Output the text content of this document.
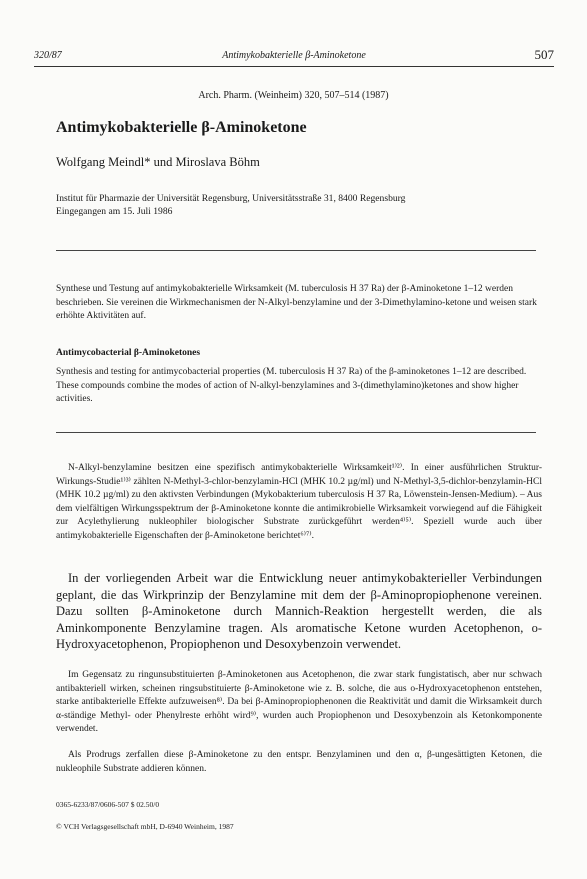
320/87	Antimykobakterielle β-Aminoketone	507
Arch. Pharm. (Weinheim) 320, 507–514 (1987)
Antimykobakterielle β-Aminoketone
Wolfgang Meindl* und Miroslava Böhm
Institut für Pharmazie der Universität Regensburg, Universitätsstraße 31, 8400 Regensburg
Eingegangen am 15. Juli 1986
Synthese und Testung auf antimykobakterielle Wirksamkeit (M. tuberculosis H 37 Ra) der β-Aminoketone 1–12 werden beschrieben. Sie vereinen die Wirkmechanismen der N-Alkyl-benzylamine und der 3-Dimethylamino-ketone und weisen stark erhöhte Aktivitäten auf.
Antimycobacterial β-Aminoketones
Synthesis and testing for antimycobacterial properties (M. tuberculosis H 37 Ra) of the β-aminoketones 1–12 are described. These compounds combine the modes of action of N-alkyl-benzylamines and 3-(dimethylamino)ketones and show higher activities.
N-Alkyl-benzylamine besitzen eine spezifisch antimykobakterielle Wirksamkeit¹⁾²⁾. In einer ausführlichen Struktur-Wirkungs-Studie¹⁾³⁾ zählten N-Methyl-3-chlor-benzylamin-HCl (MHK 10.2 µg/ml) und N-Methyl-3,5-dichlor-benzylamin-HCl (MHK 10.2 µg/ml) zu den aktivsten Verbindungen (Mykobakterium tuberculosis H 37 Ra, Löwenstein-Jensen-Medium). – Aus dem vielfältigen Wirkungsspektrum der β-Aminoketone konnte die antimikrobielle Wirksamkeit vorwiegend auf die Fähigkeit zur Acylethylierung nukleophiler biologischer Substrate zurückgeführt werden⁴⁾⁵⁾. Speziell wurde auch über antimykobakterielle Eigenschaften der β-Aminoketone berichtet⁶⁾⁷⁾.
In der vorliegenden Arbeit war die Entwicklung neuer antimykobakterieller Verbindungen geplant, die das Wirkprinzip der Benzylamine mit dem der β-Aminopropiophenone vereinen. Dazu sollten β-Aminoketone durch Mannich-Reaktion hergestellt werden, die als Aminkomponente Benzylamine tragen. Als aromatische Ketone wurden Acetophenon, o-Hydroxyacetophenon, Propiophenon und Desoxybenzoin verwendet.
Im Gegensatz zu ringunsubstituierten β-Aminoketonen aus Acetophenon, die zwar stark fungistatisch, aber nur schwach antibakteriell wirken, scheinen ringsubstituierte β-Aminoketone wie z. B. solche, die aus o-Hydroxyacetophenon entstehen, starke antibakterielle Effekte aufzuweisen⁸⁾. Da bei β-Aminopropiophenonen die Reaktivität und damit die Wirksamkeit durch α-ständige Methyl- oder Phenylreste erhöht wird⁹⁾, wurden auch Propiophenon und Desoxybenzoin als Ketonkomponente verwendet.
Als Prodrugs zerfallen diese β-Aminoketone zu den entspr. Benzylaminen und den α, β-ungesättigten Ketonen, die nukleophile Substrate addieren können.
0365-6233/87/0606-507 $ 02.50/0
© VCH Verlagsgesellschaft mbH, D-6940 Weinheim, 1987
